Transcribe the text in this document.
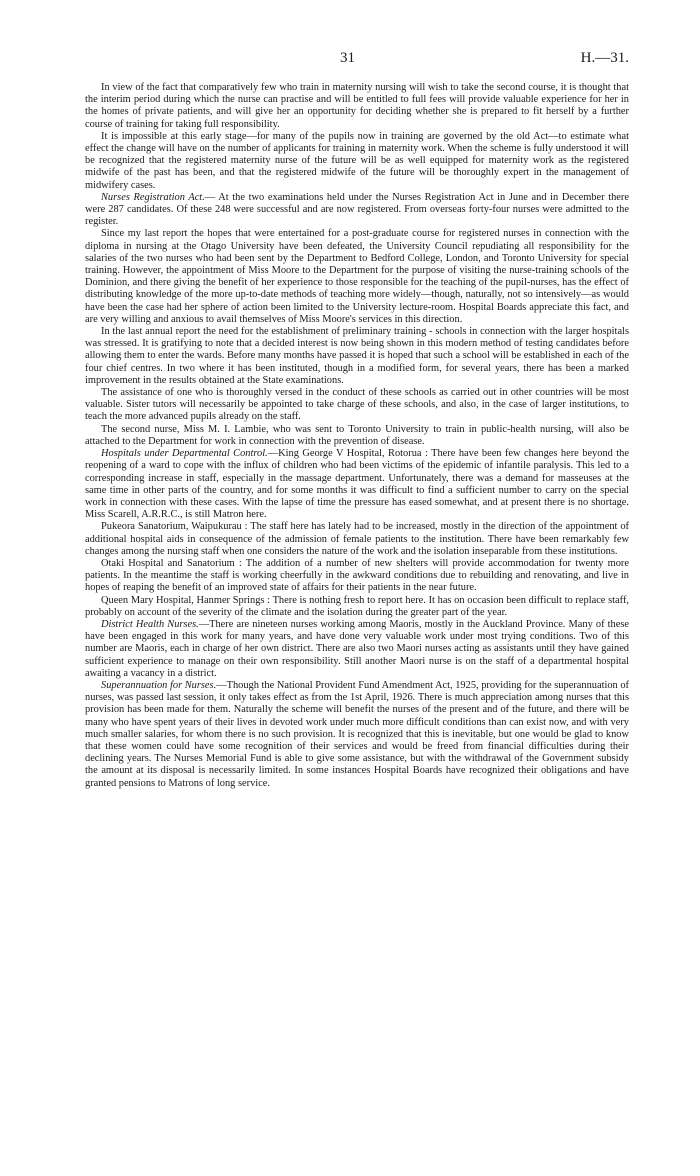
31	H.—31.

In view of the fact that comparatively few who train in maternity nursing will wish to take the second course, it is thought that the interim period during which the nurse can practise and will be entitled to full fees will provide valuable experience for her in the homes of private patients, and will give her an opportunity for deciding whether she is prepared to fit herself by a further course of training for taking full responsibility.

It is impossible at this early stage—for many of the pupils now in training are governed by the old Act—to estimate what effect the change will have on the number of applicants for training in maternity work. When the scheme is fully understood it will be recognized that the registered maternity nurse of the future will be as well equipped for maternity work as the registered midwife of the past has been, and that the registered midwife of the future will be thoroughly expert in the management of midwifery cases.

Nurses Registration Act.— At the two examinations held under the Nurses Registration Act in June and in December there were 287 candidates. Of these 248 were successful and are now registered. From overseas forty-four nurses were admitted to the register.

Since my last report the hopes that were entertained for a post-graduate course for registered nurses in connection with the diploma in nursing at the Otago University have been defeated, the University Council repudiating all responsibility for the salaries of the two nurses who had been sent by the Department to Bedford College, London, and Toronto University for special training. However, the appointment of Miss Moore to the Department for the purpose of visiting the nurse-training schools of the Dominion, and there giving the benefit of her experience to those responsible for the teaching of the pupil-nurses, has the effect of distributing knowledge of the more up-to-date methods of teaching more widely—though, naturally, not so intensively—as would have been the case had her sphere of action been limited to the University lecture-room. Hospital Boards appreciate this fact, and are very willing and anxious to avail themselves of Miss Moore's services in this direction.

In the last annual report the need for the establishment of preliminary training - schools in connection with the larger hospitals was stressed. It is gratifying to note that a decided interest is now being shown in this modern method of testing candidates before allowing them to enter the wards. Before many months have passed it is hoped that such a school will be established in each of the four chief centres. In two where it has been instituted, though in a modified form, for several years, there has been a marked improvement in the results obtained at the State examinations.

The assistance of one who is thoroughly versed in the conduct of these schools as carried out in other countries will be most valuable. Sister tutors will necessarily be appointed to take charge of these schools, and also, in the case of larger institutions, to teach the more advanced pupils already on the staff.

The second nurse, Miss M. I. Lambie, who was sent to Toronto University to train in public-health nursing, will also be attached to the Department for work in connection with the prevention of disease.

Hospitals under Departmental Control.—King George V Hospital, Rotorua : There have been few changes here beyond the reopening of a ward to cope with the influx of children who had been victims of the epidemic of infantile paralysis. This led to a corresponding increase in staff, especially in the massage department. Unfortunately, there was a demand for masseuses at the same time in other parts of the country, and for some months it was difficult to find a sufficient number to carry on the special work in connection with these cases. With the lapse of time the pressure has eased somewhat, and at present there is no shortage. Miss Scarell, A.R.R.C., is still Matron here.

Pukeora Sanatorium, Waipukurau : The staff here has lately had to be increased, mostly in the direction of the appointment of additional hospital aids in consequence of the admission of female patients to the institution. There have been remarkably few changes among the nursing staff when one considers the nature of the work and the isolation inseparable from these institutions.

Otaki Hospital and Sanatorium : The addition of a number of new shelters will provide accommodation for twenty more patients. In the meantime the staff is working cheerfully in the awkward conditions due to rebuilding and renovating, and live in hopes of reaping the benefit of an improved state of affairs for their patients in the near future.

Queen Mary Hospital, Hanmer Springs : There is nothing fresh to report here. It has on occasion been difficult to replace staff, probably on account of the severity of the climate and the isolation during the greater part of the year.

District Health Nurses.—There are nineteen nurses working among Maoris, mostly in the Auckland Province. Many of these have been engaged in this work for many years, and have done very valuable work under most trying conditions. Two of this number are Maoris, each in charge of her own district. There are also two Maori nurses acting as assistants until they have gained sufficient experience to manage on their own responsibility. Still another Maori nurse is on the staff of a departmental hospital awaiting a vacancy in a district.

Superannuation for Nurses.—Though the National Provident Fund Amendment Act, 1925, providing for the superannuation of nurses, was passed last session, it only takes effect as from the 1st April, 1926. There is much appreciation among nurses that this provision has been made for them. Naturally the scheme will benefit the nurses of the present and of the future, and there will be many who have spent years of their lives in devoted work under much more difficult conditions than can exist now, and with very much smaller salaries, for whom there is no such provision. It is recognized that this is inevitable, but one would be glad to know that these women could have some recognition of their services and would be freed from financial difficulties during their declining years. The Nurses Memorial Fund is able to give some assistance, but with the withdrawal of the Government subsidy the amount at its disposal is necessarily limited. In some instances Hospital Boards have recognized their obligations and have granted pensions to Matrons of long service.
